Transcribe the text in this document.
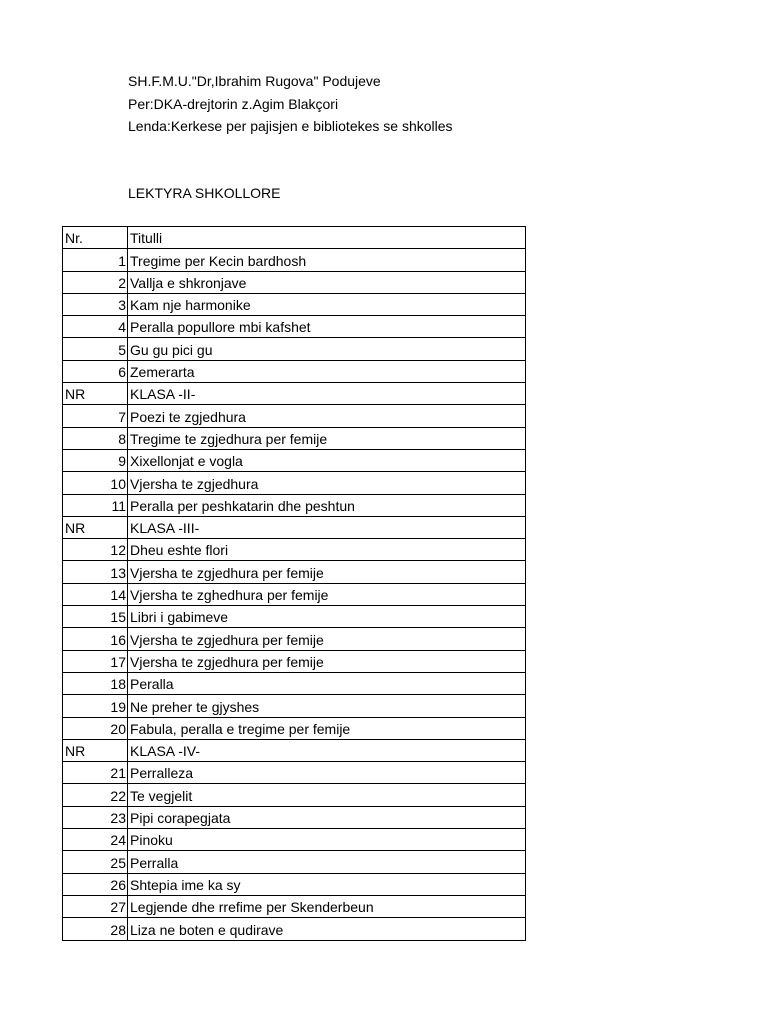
SH.F.M.U."Dr,Ibrahim Rugova" Podujeve
Per:DKA-drejtorin z.Agim Blakçori
Lenda:Kerkese per pajisjen e bibliotekes se shkolles
LEKTYRA SHKOLLORE
Nr.	Titulli
1	Tregime per Kecin bardhosh
2	Vallja e shkronjave
3	Kam nje harmonike
4	Peralla popullore mbi kafshet
5	Gu gu pici gu
6	Zemerarta
NR	KLASA -II-
7	Poezi te zgjedhura
8	Tregime te zgjedhura per femije
9	Xixellonjat e vogla
10	Vjersha te zgjedhura
11	Peralla per peshkatarin dhe peshtun
NR	KLASA -III-
12	Dheu eshte flori
13	Vjersha te zgjedhura per femije
14	Vjersha te zghedhura per femije
15	Libri i gabimeve
16	Vjersha te zgjedhura per femije
17	Vjersha te zgjedhura per femije
18	Peralla
19	Ne preher te gjyshes
20	Fabula, peralla e tregime per femije
NR	KLASA -IV-
21	Perralleza
22	Te vegjelit
23	Pipi corapegjata
24	Pinoku
25	Perralla
26	Shtepia ime ka sy
27	Legjende dhe rrefime per Skenderbeun
28	Liza ne boten e qudirave
